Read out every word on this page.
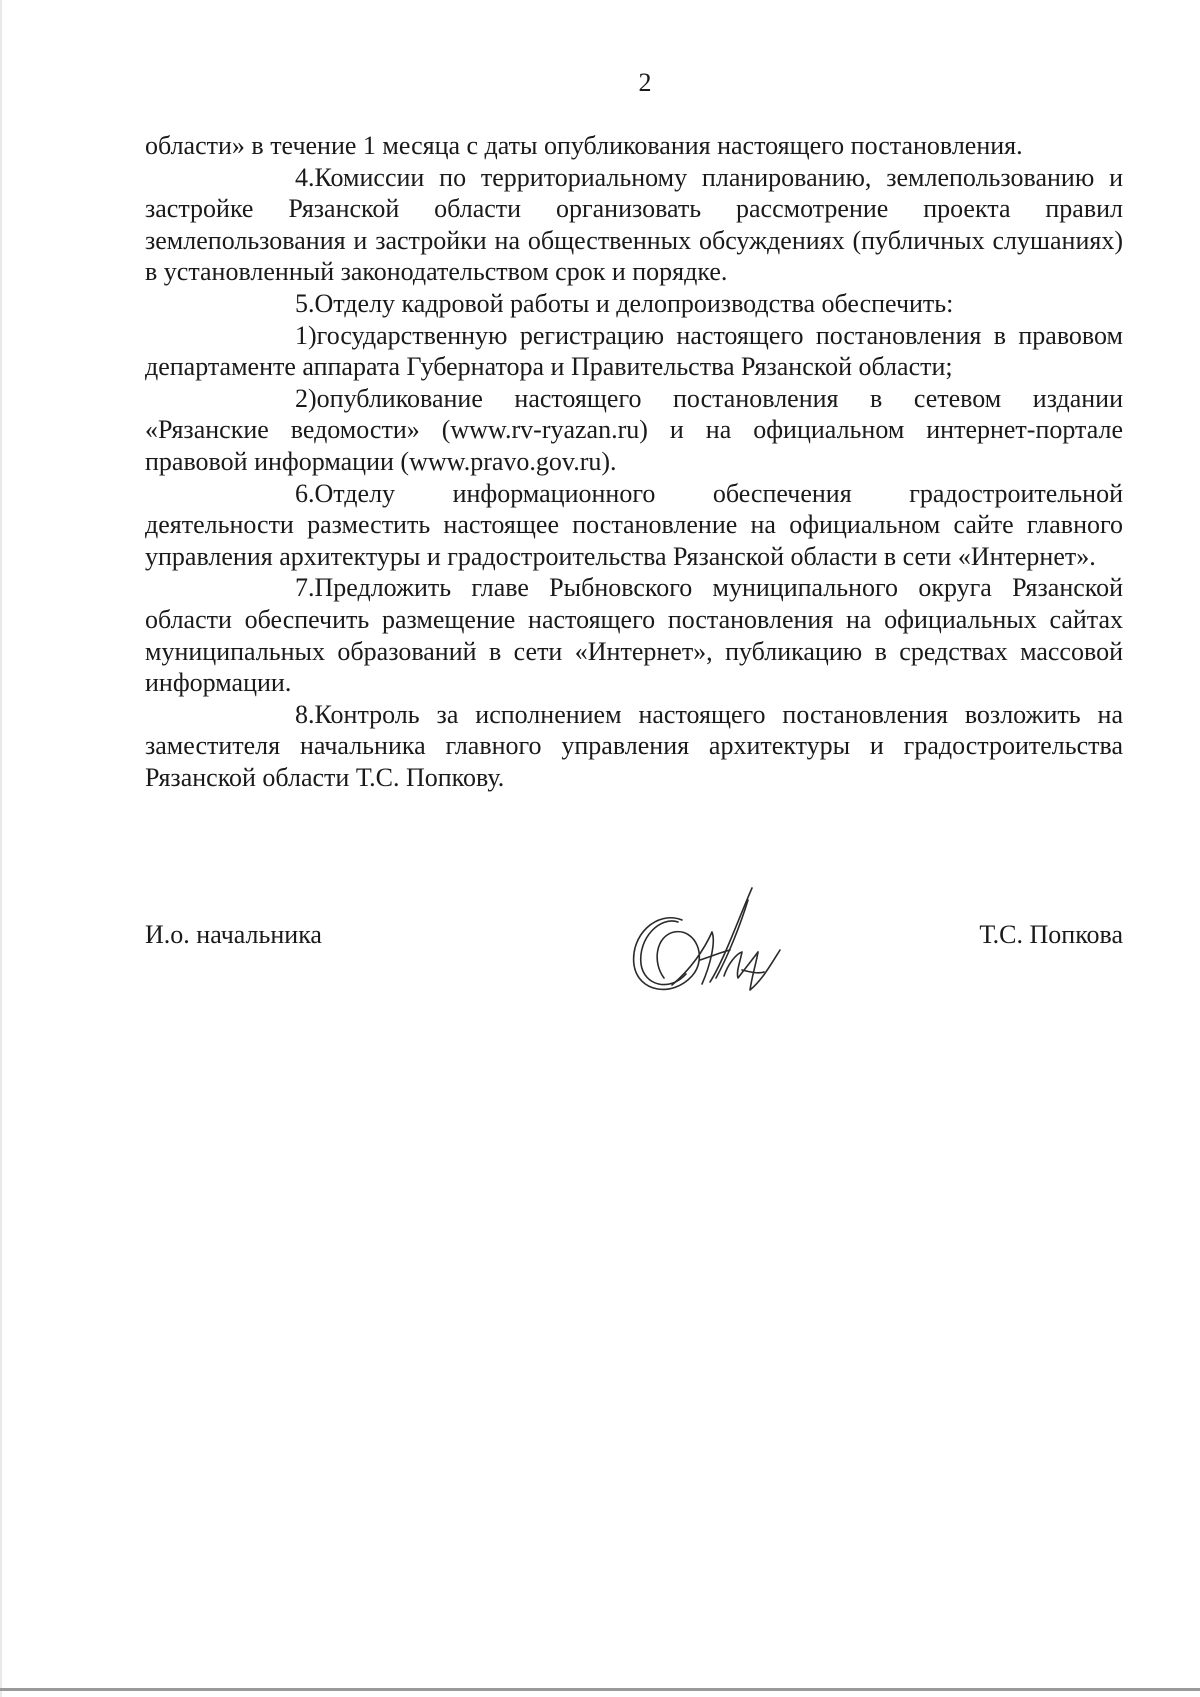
2

области» в течение 1 месяца с даты опубликования настоящего постановления.

4.Комиссии по территориальному планированию, землепользованию и застройке Рязанской области организовать рассмотрение проекта правил землепользования и застройки на общественных обсуждениях (публичных слушаниях) в установленный законодательством срок и порядке.

5.Отделу кадровой работы и делопроизводства обеспечить:

1)государственную регистрацию настоящего постановления в правовом департаменте аппарата Губернатора и Правительства Рязанской области;

2)опубликование настоящего постановления в сетевом издании «Рязанские ведомости» (www.rv-ryazan.ru) и на официальном интернет-портале правовой информации (www.pravo.gov.ru).

6.Отделу информационного обеспечения градостроительной деятельности разместить настоящее постановление на официальном сайте главного управления архитектуры и градостроительства Рязанской области в сети «Интернет».

7.Предложить главе Рыбновского муниципального округа Рязанской области обеспечить размещение настоящего постановления на официальных сайтах муниципальных образований в сети «Интернет», публикацию в средствах массовой информации.

8.Контроль за исполнением настоящего постановления возложить на заместителя начальника главного управления архитектуры и градостроительства Рязанской области Т.С. Попкову.

И.о. начальника	Т.С. Попкова
